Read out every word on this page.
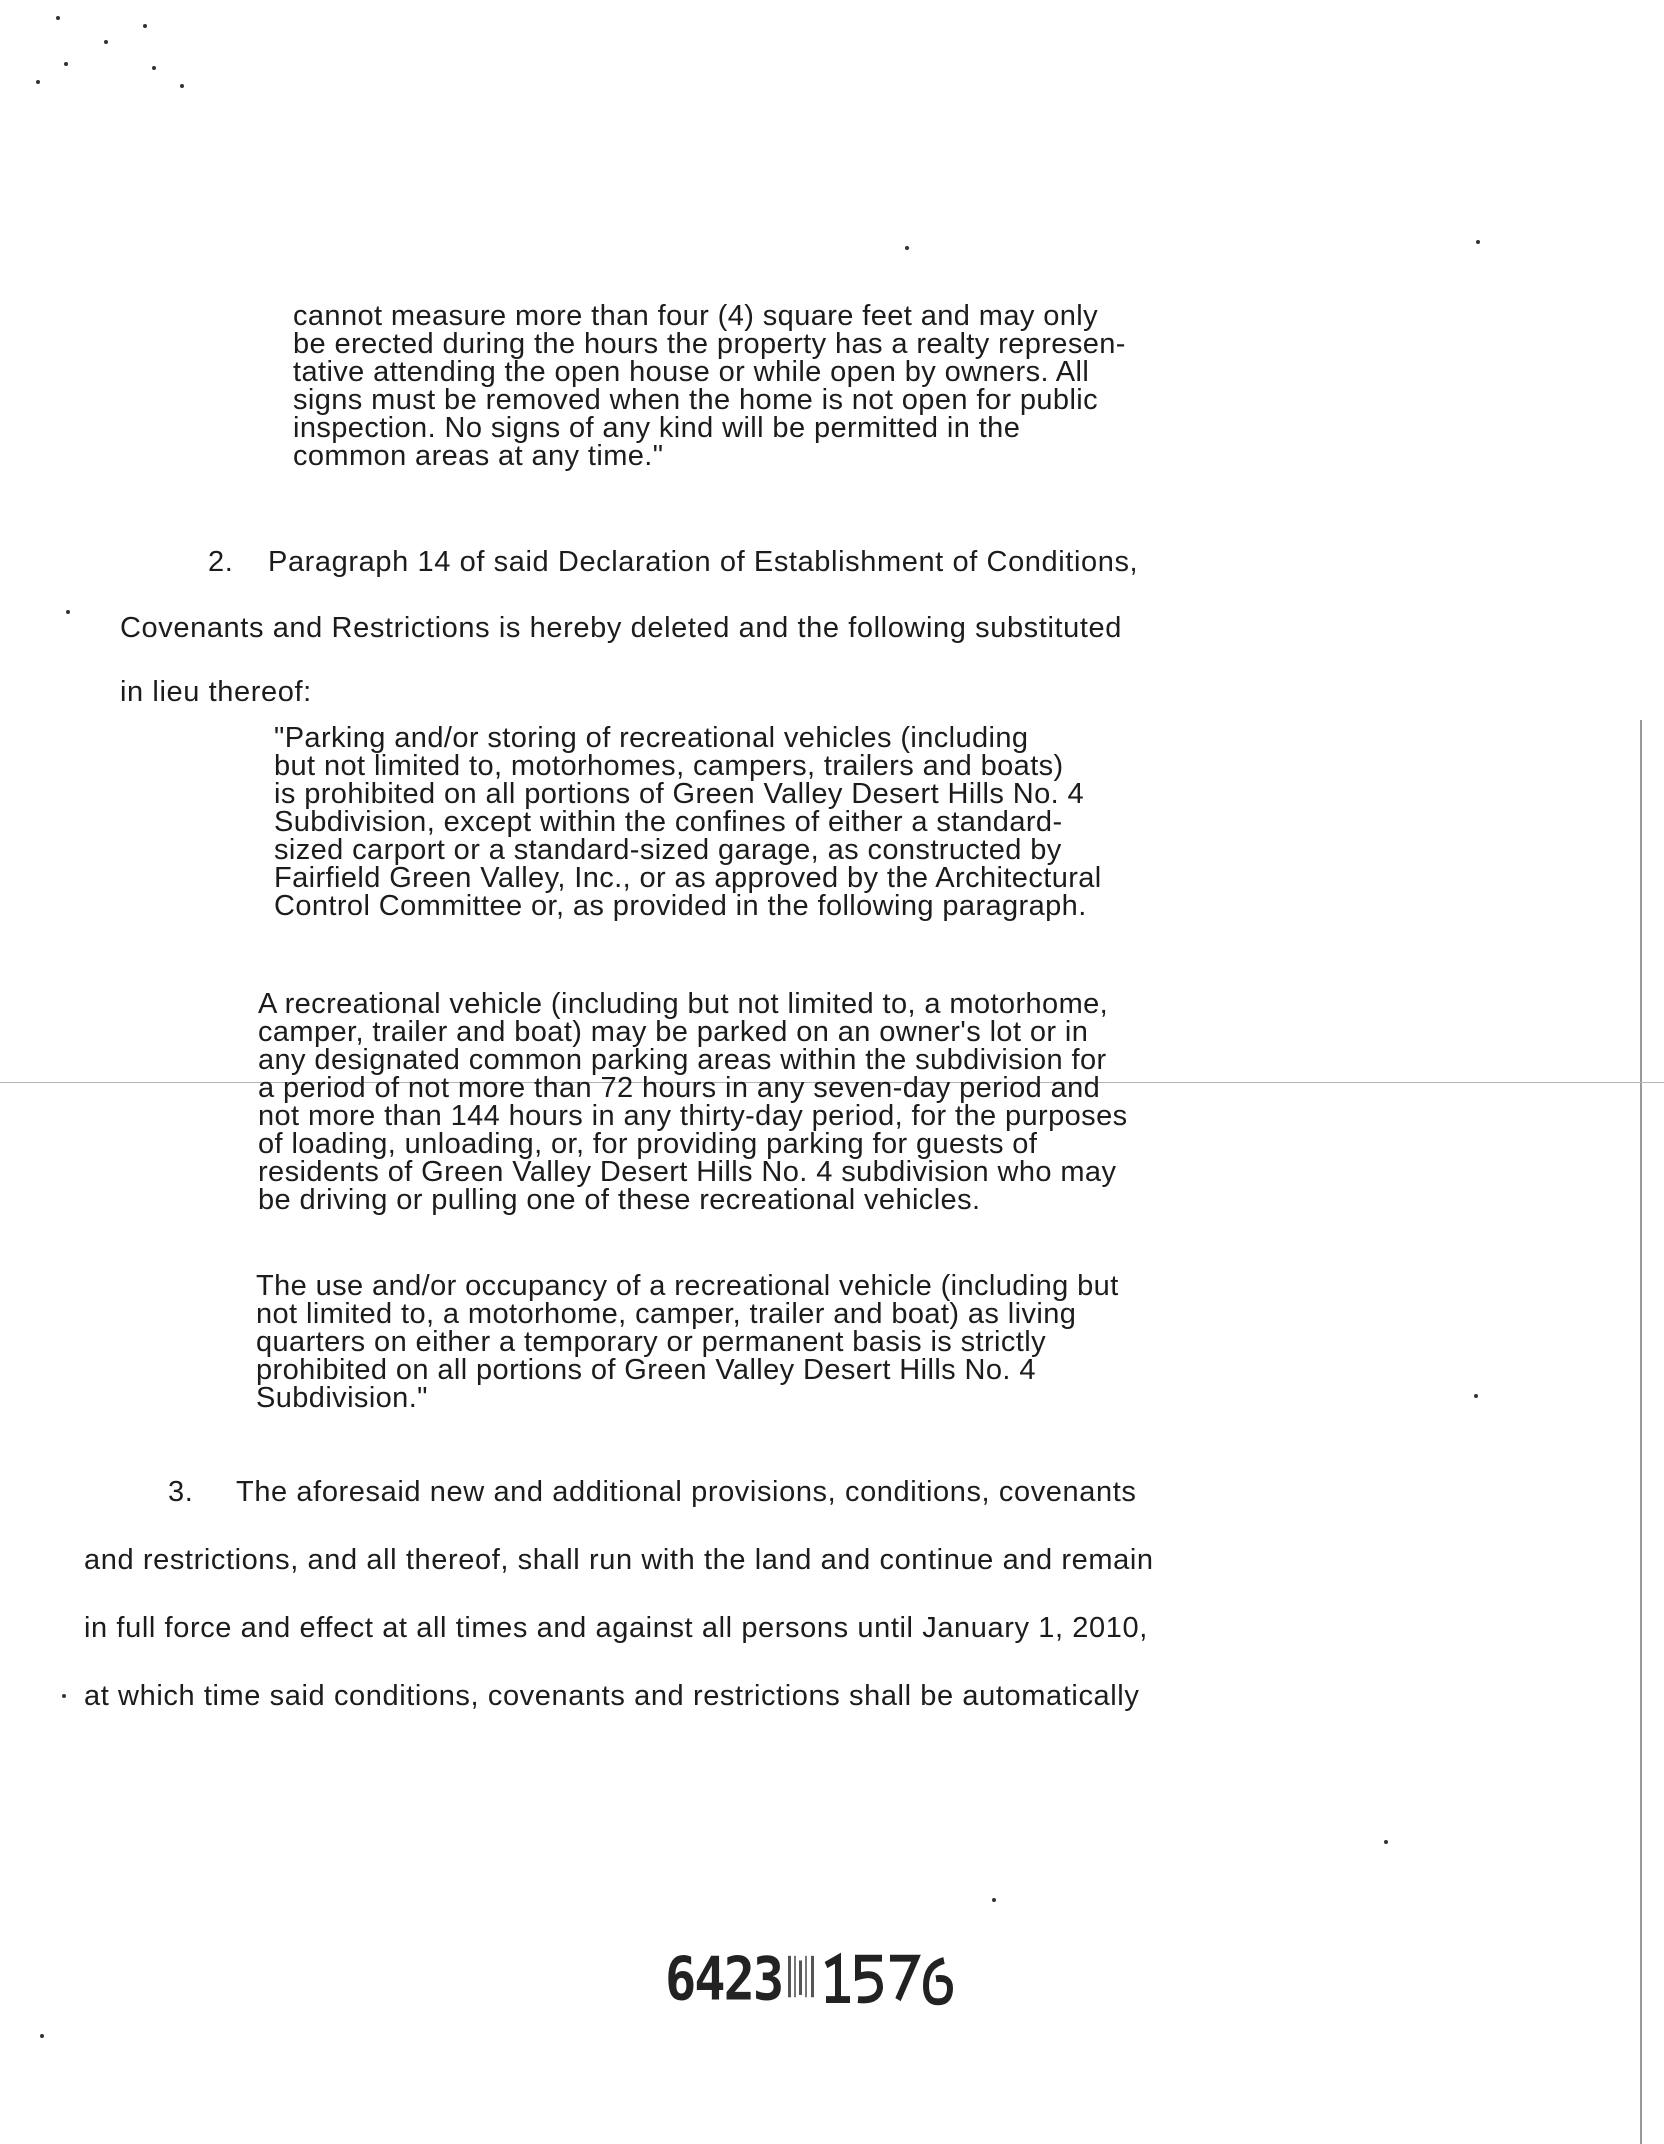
cannot measure more than four (4) square feet and may only
be erected during the hours the property has a realty represen-
tative attending the open house or while open by owners. All
signs must be removed when the home is not open for public
inspection. No signs of any kind will be permitted in the
common areas at any time."
2. Paragraph 14 of said Declaration of Establishment of Conditions,
Covenants and Restrictions is hereby deleted and the following substituted
in lieu thereof:
"Parking and/or storing of recreational vehicles (including
but not limited to, motorhomes, campers, trailers and boats)
is prohibited on all portions of Green Valley Desert Hills No. 4
Subdivision, except within the confines of either a standard-
sized carport or a standard-sized garage, as constructed by
Fairfield Green Valley, Inc., or as approved by the Architectural
Control Committee or, as provided in the following paragraph.
A recreational vehicle (including but not limited to, a motorhome,
camper, trailer and boat) may be parked on an owner's lot or in
any designated common parking areas within the subdivision for
a period of not more than 72 hours in any seven-day period and
not more than 144 hours in any thirty-day period, for the purposes
of loading, unloading, or, for providing parking for guests of
residents of Green Valley Desert Hills No. 4 subdivision who may
be driving or pulling one of these recreational vehicles.
The use and/or occupancy of a recreational vehicle (including but
not limited to, a motorhome, camper, trailer and boat) as living
quarters on either a temporary or permanent basis is strictly
prohibited on all portions of Green Valley Desert Hills No. 4
Subdivision."
3. The aforesaid new and additional provisions, conditions, covenants
and restrictions, and all thereof, shall run with the land and continue and remain
in full force and effect at all times and against all persons until January 1, 2010,
at which time said conditions, covenants and restrictions shall be automatically
6423
